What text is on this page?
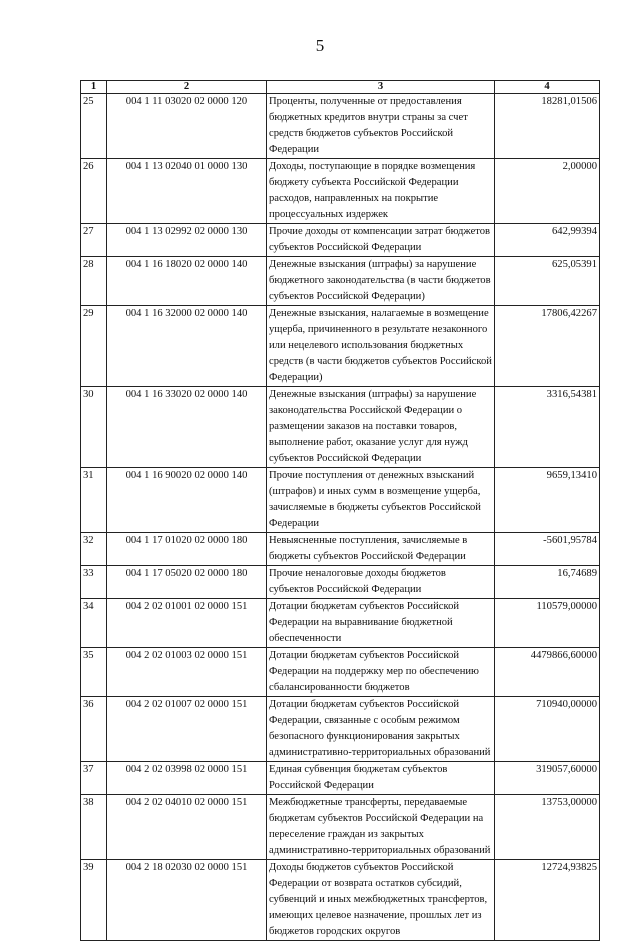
5
1	2	3	4
25	004 1 11 03020 02 0000 120	Проценты, полученные от предоставления бюджетных кредитов внутри страны за счет средств бюджетов субъектов Российской Федерации	18281,01506
26	004 1 13 02040 01 0000 130	Доходы, поступающие в порядке возмещения бюджету субъекта Российской Федерации расходов, направленных на покрытие процессуальных издержек	2,00000
27	004 1 13 02992 02 0000 130	Прочие доходы от компенсации затрат бюджетов субъектов Российской Федерации	642,99394
28	004 1 16 18020 02 0000 140	Денежные взыскания (штрафы) за нарушение бюджетного законодательства (в части бюджетов субъектов Российской Федерации)	625,05391
29	004 1 16 32000 02 0000 140	Денежные взыскания, налагаемые в возмещение ущерба, причиненного в результате незаконного или нецелевого использования бюджетных средств (в части бюджетов субъектов Российской Федерации)	17806,42267
30	004 1 16 33020 02 0000 140	Денежные взыскания (штрафы) за нарушение законодательства Российской Федерации о размещении заказов на поставки товаров, выполнение работ, оказание услуг для нужд субъектов Российской Федерации	3316,54381
31	004 1 16 90020 02 0000 140	Прочие поступления от денежных взысканий (штрафов) и иных сумм в возмещение ущерба, зачисляемые в бюджеты субъектов Российской Федерации	9659,13410
32	004 1 17 01020 02 0000 180	Невыясненные поступления, зачисляемые в бюджеты субъектов Российской Федерации	-5601,95784
33	004 1 17 05020 02 0000 180	Прочие неналоговые доходы бюджетов субъектов Российской Федерации	16,74689
34	004 2 02 01001 02 0000 151	Дотации бюджетам субъектов Российской Федерации на выравнивание бюджетной обеспеченности	110579,00000
35	004 2 02 01003 02 0000 151	Дотации бюджетам субъектов Российской Федерации на поддержку мер по обеспечению сбалансированности бюджетов	4479866,60000
36	004 2 02 01007 02 0000 151	Дотации бюджетам субъектов Российской Федерации, связанные с особым режимом безопасного функционирования закрытых административно-территориальных образований	710940,00000
37	004 2 02 03998 02 0000 151	Единая субвенция бюджетам субъектов Российской Федерации	319057,60000
38	004 2 02 04010 02 0000 151	Межбюджетные трансферты, передаваемые бюджетам субъектов Российской Федерации на переселение граждан из закрытых административно-территориальных образований	13753,00000
39	004 2 18 02030 02 0000 151	Доходы бюджетов субъектов Российской Федерации от возврата остатков субсидий, субвенций и иных межбюджетных трансфертов, имеющих целевое назначение, прошлых лет из бюджетов городских округов	12724,93825
